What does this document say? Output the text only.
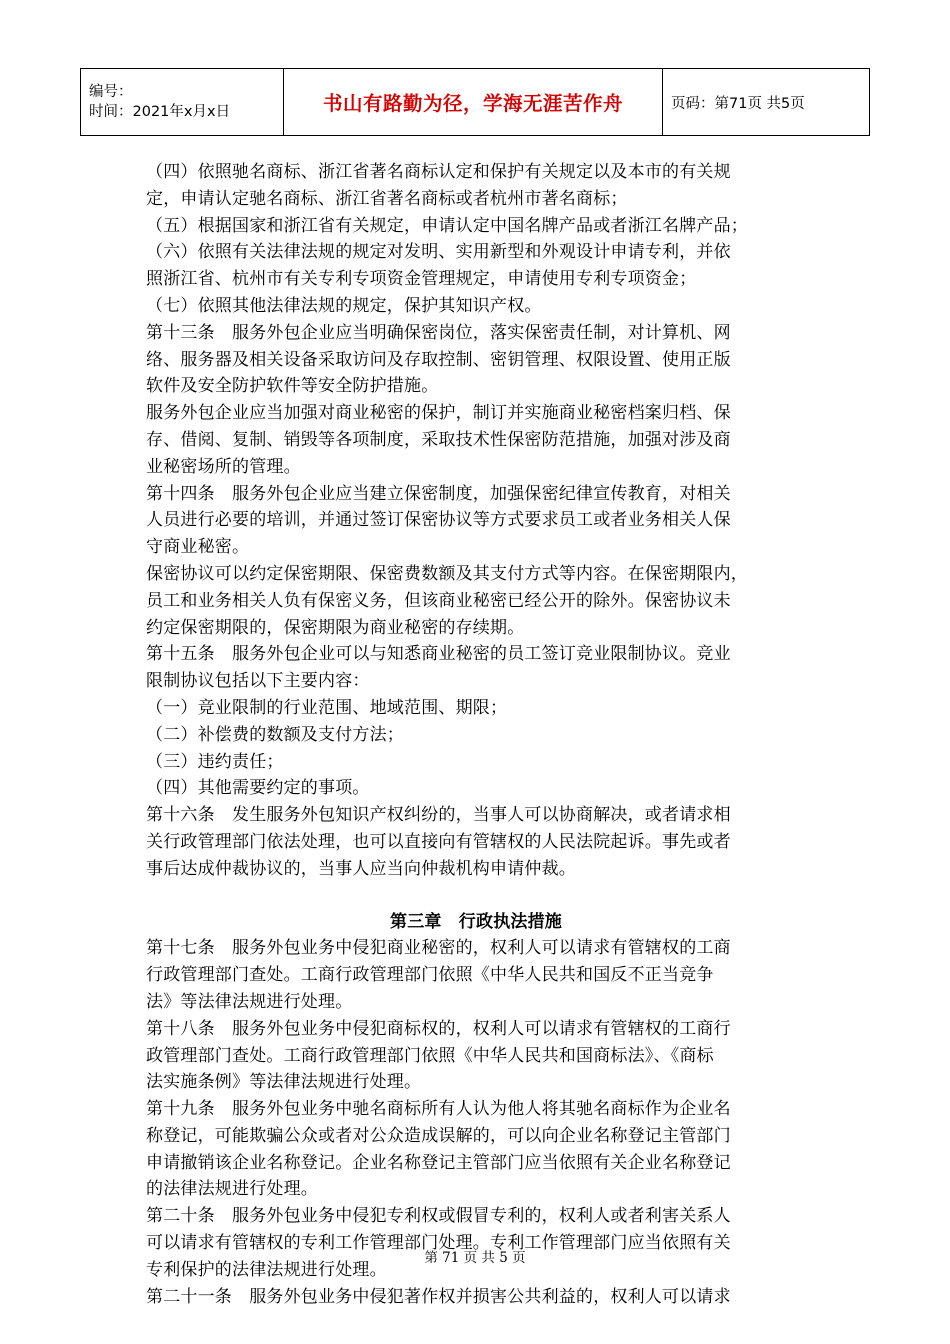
编号：
时间：2021年x月x日	书山有路勤为径，学海无涯苦作舟	页码：第71页 共5页
（四）依照驰名商标、浙江省著名商标认定和保护有关规定以及本市的有关规
定，申请认定驰名商标、浙江省著名商标或者杭州市著名商标；
（五）根据国家和浙江省有关规定，申请认定中国名牌产品或者浙江名牌产品；
（六）依照有关法律法规的规定对发明、实用新型和外观设计申请专利，并依
照浙江省、杭州市有关专利专项资金管理规定，申请使用专利专项资金；
（七）依照其他法律法规的规定，保护其知识产权。
第十三条　服务外包企业应当明确保密岗位，落实保密责任制，对计算机、网
络、服务器及相关设备采取访问及存取控制、密钥管理、权限设置、使用正版
软件及安全防护软件等安全防护措施。
服务外包企业应当加强对商业秘密的保护，制订并实施商业秘密档案归档、保
存、借阅、复制、销毁等各项制度，采取技术性保密防范措施，加强对涉及商
业秘密场所的管理。
第十四条　服务外包企业应当建立保密制度，加强保密纪律宣传教育，对相关
人员进行必要的培训，并通过签订保密协议等方式要求员工或者业务相关人保
守商业秘密。
保密协议可以约定保密期限、保密费数额及其支付方式等内容。在保密期限内，
员工和业务相关人负有保密义务，但该商业秘密已经公开的除外。保密协议未
约定保密期限的，保密期限为商业秘密的存续期。
第十五条　服务外包企业可以与知悉商业秘密的员工签订竞业限制协议。竞业
限制协议包括以下主要内容：
（一）竞业限制的行业范围、地域范围、期限；
（二）补偿费的数额及支付方法；
（三）违约责任；
（四）其他需要约定的事项。
第十六条　发生服务外包知识产权纠纷的，当事人可以协商解决，或者请求相
关行政管理部门依法处理，也可以直接向有管辖权的人民法院起诉。事先或者
事后达成仲裁协议的，当事人应当向仲裁机构申请仲裁。
第三章　行政执法措施
第十七条　服务外包业务中侵犯商业秘密的，权利人可以请求有管辖权的工商
行政管理部门查处。工商行政管理部门依照《中华人民共和国反不正当竞争
法》等法律法规进行处理。
第十八条　服务外包业务中侵犯商标权的，权利人可以请求有管辖权的工商行
政管理部门查处。工商行政管理部门依照《中华人民共和国商标法》、《商标
法实施条例》等法律法规进行处理。
第十九条　服务外包业务中驰名商标所有人认为他人将其驰名商标作为企业名
称登记，可能欺骗公众或者对公众造成误解的，可以向企业名称登记主管部门
申请撤销该企业名称登记。企业名称登记主管部门应当依照有关企业名称登记
的法律法规进行处理。
第二十条　服务外包业务中侵犯专利权或假冒专利的，权利人或者利害关系人
可以请求有管辖权的专利工作管理部门处理。专利工作管理部门应当依照有关
专利保护的法律法规进行处理。
第二十一条　服务外包业务中侵犯著作权并损害公共利益的，权利人可以请求
第 71 页 共 5 页
